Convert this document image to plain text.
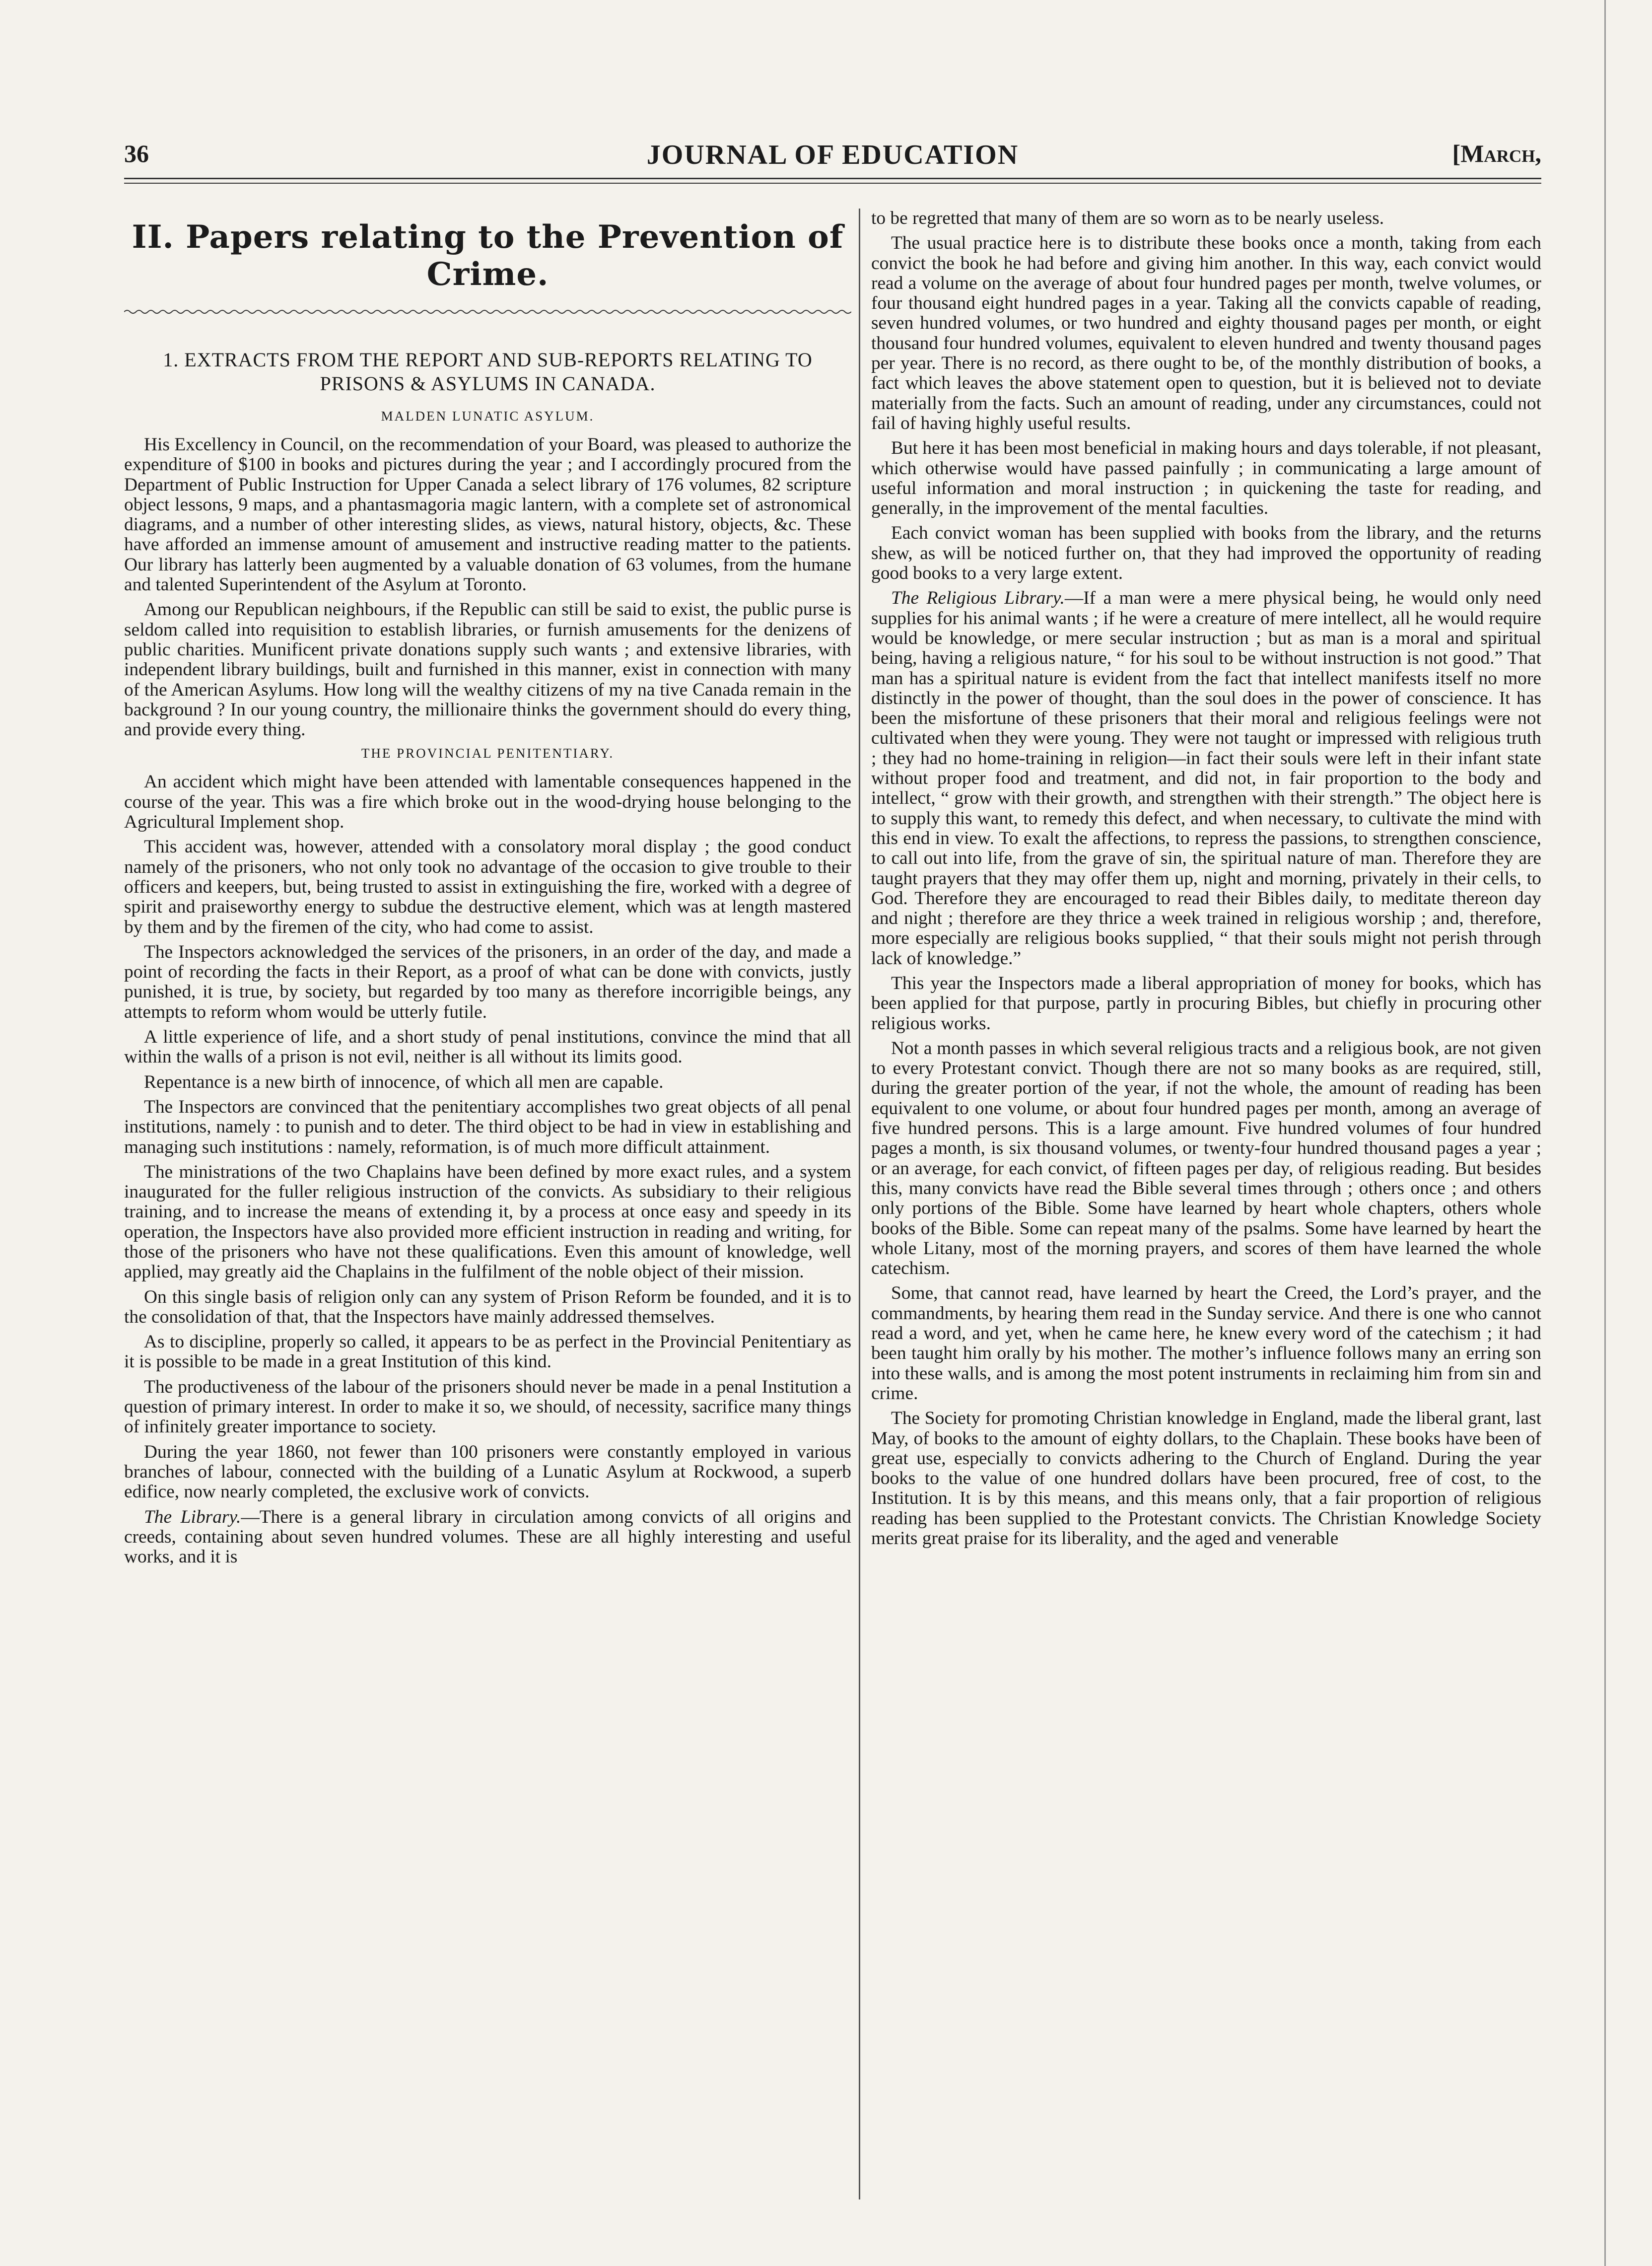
36	JOURNAL OF EDUCATION	[March,
II. Papers relating to the Prevention of Crime.
1. EXTRACTS FROM THE REPORT AND SUB-REPORTS RELATING TO PRISONS & ASYLUMS IN CANADA.
MALDEN LUNATIC ASYLUM.

His Excellency in Council, on the recommendation of your Board, was pleased to authorize the expenditure of $100 in books and pictures during the year ; and I accordingly procured from the Department of Public Instruction for Upper Canada a select library of 176 volumes, 82 scripture object lessons, 9 maps, and a phantasmagoria magic lantern, with a complete set of astronomical diagrams, and a number of other interesting slides, as views, natural history, objects, &c. These have afforded an immense amount of amusement and instructive reading matter to the patients. Our library has latterly been augmented by a valuable donation of 63 volumes, from the humane and talented Superintendent of the Asylum at Toronto.

Among our Republican neighbours, if the Republic can still be said to exist, the public purse is seldom called into requisition to establish libraries, or furnish amusements for the denizens of public charities. Munificent private donations supply such wants ; and extensive libraries, with independent library buildings, built and furnished in this manner, exist in connection with many of the American Asylums. How long will the wealthy citizens of my na tive Canada remain in the background ? In our young country, the millionaire thinks the government should do every thing, and provide every thing.

THE PROVINCIAL PENITENTIARY.

An accident which might have been attended with lamentable consequences happened in the course of the year. This was a fire which broke out in the wood-drying house belonging to the Agricultural Implement shop.

This accident was, however, attended with a consolatory moral display ; the good conduct namely of the prisoners, who not only took no advantage of the occasion to give trouble to their officers and keepers, but, being trusted to assist in extinguishing the fire, worked with a degree of spirit and praiseworthy energy to subdue the destructive element, which was at length mastered by them and by the firemen of the city, who had come to assist.

The Inspectors acknowledged the services of the prisoners, in an order of the day, and made a point of recording the facts in their Report, as a proof of what can be done with convicts, justly punished, it is true, by society, but regarded by too many as therefore incorrigible beings, any attempts to reform whom would be utterly futile.

A little experience of life, and a short study of penal institutions, convince the mind that all within the walls of a prison is not evil, neither is all without its limits good.

Repentance is a new birth of innocence, of which all men are capable.

The Inspectors are convinced that the penitentiary accomplishes two great objects of all penal institutions, namely : to punish and to deter. The third object to be had in view in establishing and managing such institutions : namely, reformation, is of much more difficult attainment.

The ministrations of the two Chaplains have been defined by more exact rules, and a system inaugurated for the fuller religious instruction of the convicts. As subsidiary to their religious training, and to increase the means of extending it, by a process at once easy and speedy in its operation, the Inspectors have also provided more efficient instruction in reading and writing, for those of the prisoners who have not these qualifications. Even this amount of knowledge, well applied, may greatly aid the Chaplains in the fulfilment of the noble object of their mission.

On this single basis of religion only can any system of Prison Reform be founded, and it is to the consolidation of that, that the Inspectors have mainly addressed themselves.

As to discipline, properly so called, it appears to be as perfect in the Provincial Penitentiary as it is possible to be made in a great Institution of this kind.

The productiveness of the labour of the prisoners should never be made in a penal Institution a question of primary interest. In order to make it so, we should, of necessity, sacrifice many things of infinitely greater importance to society.

During the year 1860, not fewer than 100 prisoners were constantly employed in various branches of labour, connected with the building of a Lunatic Asylum at Rockwood, a superb edifice, now nearly completed, the exclusive work of convicts.

The Library.—There is a general library in circulation among convicts of all origins and creeds, containing about seven hundred volumes. These are all highly interesting and useful works, and it is

to be regretted that many of them are so worn as to be nearly useless.

The usual practice here is to distribute these books once a month, taking from each convict the book he had before and giving him another. In this way, each convict would read a volume on the average of about four hundred pages per month, twelve volumes, or four thousand eight hundred pages in a year. Taking all the convicts capable of reading, seven hundred volumes, or two hundred and eighty thousand pages per month, or eight thousand four hundred volumes, equivalent to eleven hundred and twenty thousand pages per year. There is no record, as there ought to be, of the monthly distribution of books, a fact which leaves the above statement open to question, but it is believed not to deviate materially from the facts. Such an amount of reading, under any circumstances, could not fail of having highly useful results.

But here it has been most beneficial in making hours and days tolerable, if not pleasant, which otherwise would have passed painfully ; in communicating a large amount of useful information and moral instruction ; in quickening the taste for reading, and generally, in the improvement of the mental faculties.

Each convict woman has been supplied with books from the library, and the returns shew, as will be noticed further on, that they had improved the opportunity of reading good books to a very large extent.

The Religious Library.—If a man were a mere physical being, he would only need supplies for his animal wants ; if he were a creature of mere intellect, all he would require would be knowledge, or mere secular instruction ; but as man is a moral and spiritual being, having a religious nature, “ for his soul to be without instruction is not good.” That man has a spiritual nature is evident from the fact that intellect manifests itself no more distinctly in the power of thought, than the soul does in the power of conscience. It has been the misfortune of these prisoners that their moral and religious feelings were not cultivated when they were young. They were not taught or impressed with religious truth ; they had no home-training in religion—in fact their souls were left in their infant state without proper food and treatment, and did not, in fair proportion to the body and intellect, “ grow with their growth, and strengthen with their strength.” The object here is to supply this want, to remedy this defect, and when necessary, to cultivate the mind with this end in view. To exalt the affections, to repress the passions, to strengthen conscience, to call out into life, from the grave of sin, the spiritual nature of man. Therefore they are taught prayers that they may offer them up, night and morning, privately in their cells, to God. Therefore they are encouraged to read their Bibles daily, to meditate thereon day and night ; therefore are they thrice a week trained in religious worship ; and, therefore, more especially are religious books supplied, “ that their souls might not perish through lack of knowledge.”

This year the Inspectors made a liberal appropriation of money for books, which has been applied for that purpose, partly in procuring Bibles, but chiefly in procuring other religious works.

Not a month passes in which several religious tracts and a religious book, are not given to every Protestant convict. Though there are not so many books as are required, still, during the greater portion of the year, if not the whole, the amount of reading has been equivalent to one volume, or about four hundred pages per month, among an average of five hundred persons. This is a large amount. Five hundred volumes of four hundred pages a month, is six thousand volumes, or twenty-four hundred thousand pages a year ; or an average, for each convict, of fifteen pages per day, of religious reading. But besides this, many convicts have read the Bible several times through ; others once ; and others only portions of the Bible. Some have learned by heart whole chapters, others whole books of the Bible. Some can repeat many of the psalms. Some have learned by heart the whole Litany, most of the morning prayers, and scores of them have learned the whole catechism.

Some, that cannot read, have learned by heart the Creed, the Lord’s prayer, and the commandments, by hearing them read in the Sunday service. And there is one who cannot read a word, and yet, when he came here, he knew every word of the catechism ; it had been taught him orally by his mother. The mother’s influence follows many an erring son into these walls, and is among the most potent instruments in reclaiming him from sin and crime.

The Society for promoting Christian knowledge in England, made the liberal grant, last May, of books to the amount of eighty dollars, to the Chaplain. These books have been of great use, especially to convicts adhering to the Church of England. During the year books to the value of one hundred dollars have been procured, free of cost, to the Institution. It is by this means, and this means only, that a fair proportion of religious reading has been supplied to the Protestant convicts. The Christian Knowledge Society merits great praise for its liberality, and the aged and venerable
